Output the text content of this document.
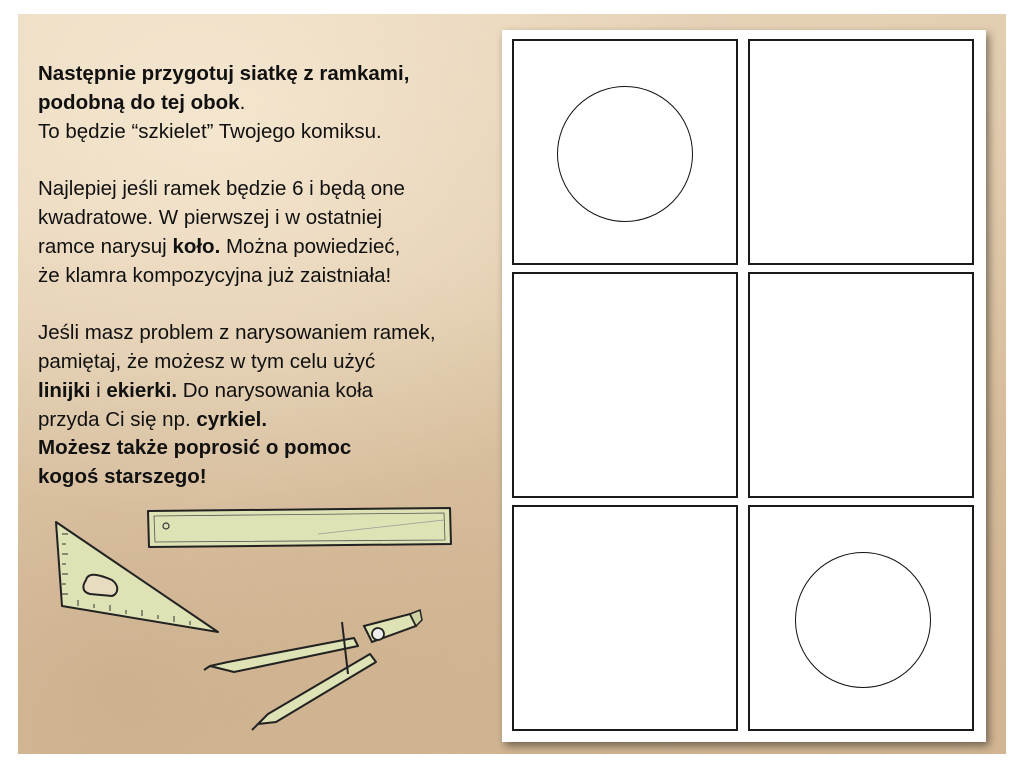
Następnie przygotuj siatkę z ramkami,
podobną do tej obok.
To będzie “szkielet” Twojego komiksu.

Najlepiej jeśli ramek będzie 6 i będą one
kwadratowe. W pierwszej i w ostatniej
ramce narysuj koło. Można powiedzieć,
że klamra kompozycyjna już zaistniała!

Jeśli masz problem z narysowaniem ramek,
pamiętaj, że możesz w tym celu użyć
linijki i ekierki. Do narysowania koła
przyda Ci się np. cyrkiel.
Możesz także poprosić o pomoc
kogoś starszego!
